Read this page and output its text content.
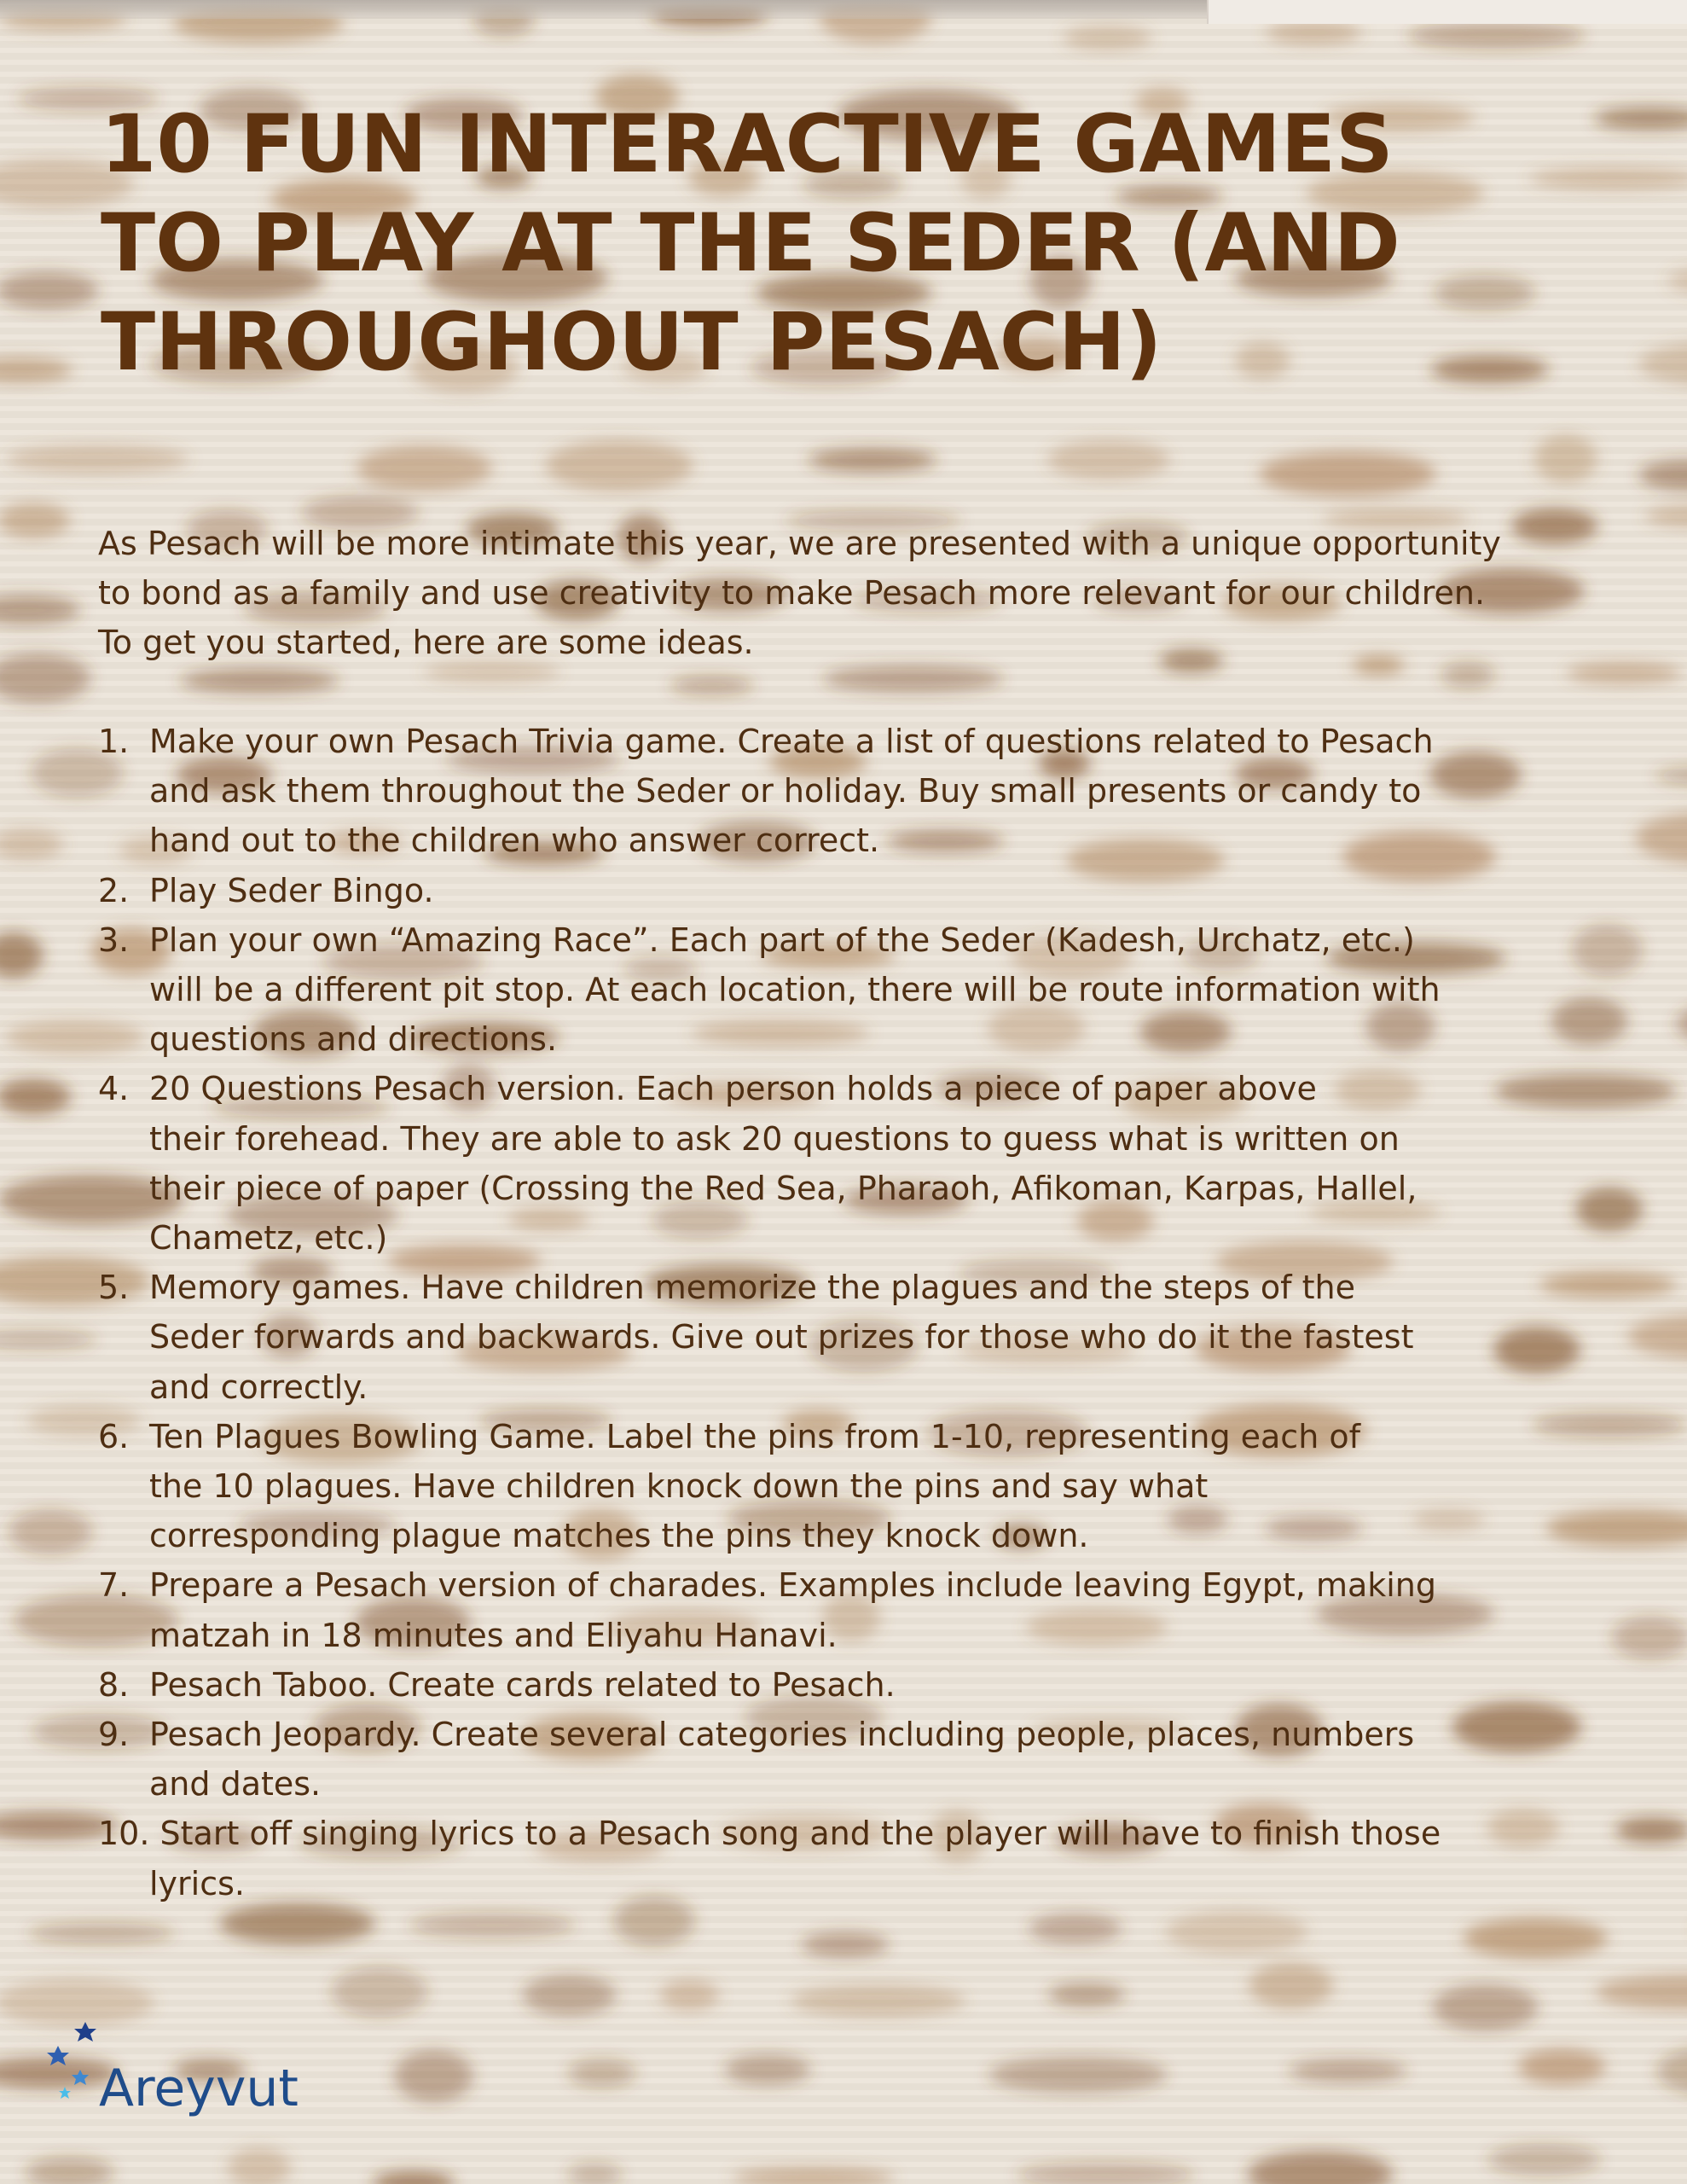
10 FUN INTERACTIVE GAMES
TO PLAY AT THE SEDER (AND
THROUGHOUT PESACH)

As Pesach will be more intimate this year, we are presented with a unique opportunity
to bond as a family and use creativity to make Pesach more relevant for our children.
To get you started, here are some ideas.

1. Make your own Pesach Trivia game. Create a list of questions related to Pesach
and ask them throughout the Seder or holiday. Buy small presents or candy to
hand out to the children who answer correct.
2. Play Seder Bingo.
3. Plan your own “Amazing Race”. Each part of the Seder (Kadesh, Urchatz, etc.)
will be a different pit stop. At each location, there will be route information with
questions and directions.
4. 20 Questions Pesach version. Each person holds a piece of paper above
their forehead. They are able to ask 20 questions to guess what is written on
their piece of paper (Crossing the Red Sea, Pharaoh, Afikoman, Karpas, Hallel,
Chametz, etc.)
5. Memory games. Have children memorize the plagues and the steps of the
Seder forwards and backwards. Give out prizes for those who do it the fastest
and correctly.
6. Ten Plagues Bowling Game. Label the pins from 1-10, representing each of
the 10 plagues. Have children knock down the pins and say what
corresponding plague matches the pins they knock down.
7. Prepare a Pesach version of charades. Examples include leaving Egypt, making
matzah in 18 minutes and Eliyahu Hanavi.
8. Pesach Taboo. Create cards related to Pesach.
9. Pesach Jeopardy. Create several categories including people, places, numbers
and dates.
10. Start off singing lyrics to a Pesach song and the player will have to finish those

lyrics.
Areyvut
